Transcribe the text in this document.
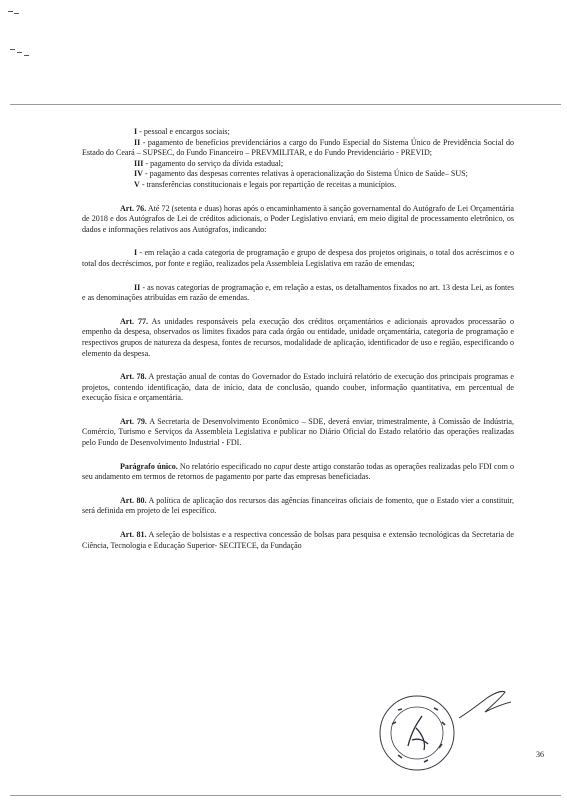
I - pessoal e encargos sociais;
II - pagamento de benefícios previdenciários a cargo do Fundo Especial do Sistema Único de Previdência Social do Estado do Ceará – SUPSEC, do Fundo Financeiro – PREVMILITAR, e do Fundo Previdenciário - PREVID;
III - pagamento do serviço da dívida estadual;
IV - pagamento das despesas correntes relativas à operacionalização do Sistema Único de Saúde– SUS;
V - transferências constitucionais e legais por repartição de receitas a municípios.
Art. 76. Até 72 (setenta e duas) horas após o encaminhamento à sanção governamental do Autógrafo de Lei Orçamentária de 2018 e dos Autógrafos de Lei de créditos adicionais, o Poder Legislativo enviará, em meio digital de processamento eletrônico, os dados e informações relativos aos Autógrafos, indicando:
I - em relação a cada categoria de programação e grupo de despesa dos projetos originais, o total dos acréscimos e o total dos decréscimos, por fonte e região, realizados pela Assembleia Legislativa em razão de emendas;
II - as novas categorias de programação e, em relação a estas, os detalhamentos fixados no art. 13 desta Lei, as fontes e as denominações atribuídas em razão de emendas.
Art. 77. As unidades responsáveis pela execução dos créditos orçamentários e adicionais aprovados processarão o empenho da despesa, observados os limites fixados para cada órgão ou entidade, unidade orçamentária, categoria de programação e respectivos grupos de natureza da despesa, fontes de recursos, modalidade de aplicação, identificador de uso e região, especificando o elemento da despesa.
Art. 78. A prestação anual de contas do Governador do Estado incluirá relatório de execução dos principais programas e projetos, contendo identificação, data de início, data de conclusão, quando couber, informação quantitativa, em percentual de execução física e orçamentária.
Art. 79. A Secretaria de Desenvolvimento Econômico – SDE, deverá enviar, trimestralmente, à Comissão de Indústria, Comércio, Turismo e Serviços da Assembleia Legislativa e publicar no Diário Oficial do Estado relatório das operações realizadas pelo Fundo de Desenvolvimento Industrial - FDI.
Parágrafo único. No relatório especificado no caput deste artigo constarão todas as operações realizadas pelo FDI com o seu andamento em termos de retornos de pagamento por parte das empresas beneficiadas.
Art. 80. A política de aplicação dos recursos das agências financeiras oficiais de fomento, que o Estado vier a constituir, será definida em projeto de lei específico.
Art. 81. A seleção de bolsistas e a respectiva concessão de bolsas para pesquisa e extensão tecnológicas da Secretaria de Ciência, Tecnologia e Educação Superior- SECITECE, da Fundação
36
